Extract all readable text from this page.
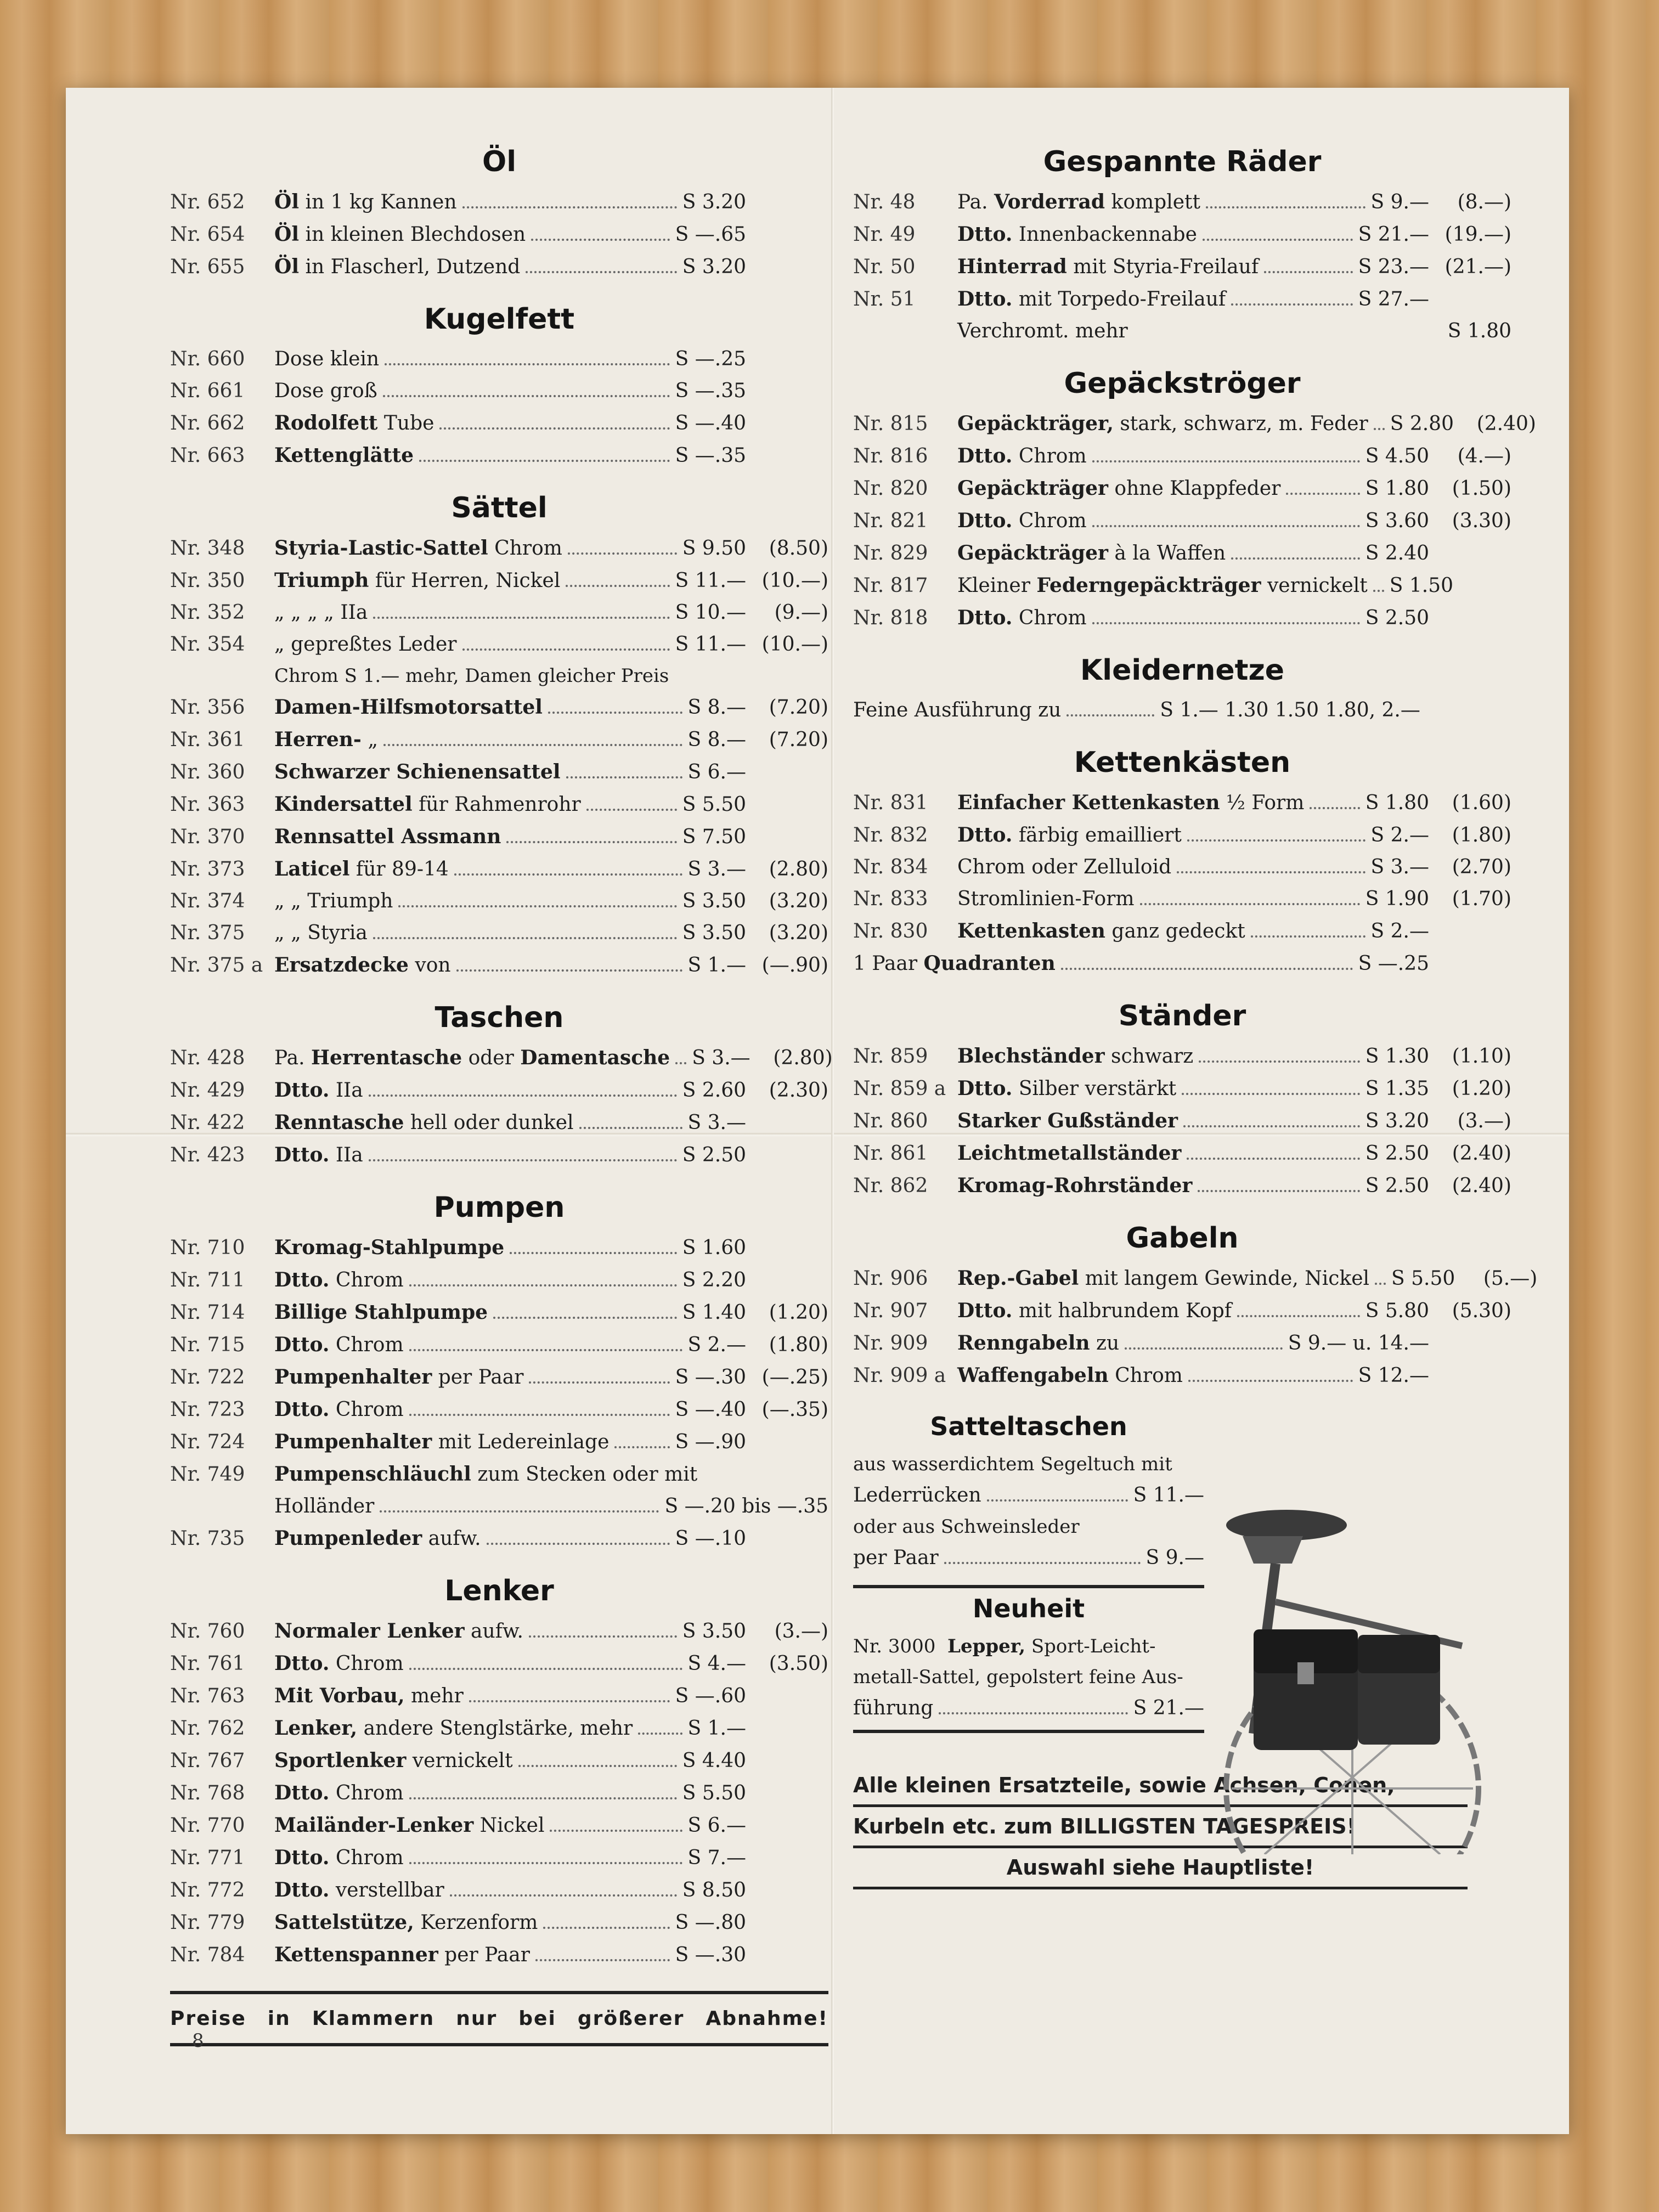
Öl
Nr. 652	Öl in 1 kg Kannen	S 3.20
Nr. 654	Öl in kleinen Blechdosen	S —.65
Nr. 655	Öl in Flascherl, Dutzend	S 3.20
Kugelfett
Nr. 660	Dose klein	S —.25
Nr. 661	Dose groß	S —.35
Nr. 662	Rodolfett Tube	S —.40
Nr. 663	Kettenglätte	S —.35
Sättel
Nr. 348	Styria-Lastic-Sattel Chrom	S 9.50	(8.50)
Nr. 350	Triumph für Herren, Nickel	S 11.— (10.—)
Nr. 352	„ „ „ „ IIa	S 10.—	(9.—)
Nr. 354	„ gepreßtes Leder	S 11.— (10.—)
Chrom S 1.— mehr, Damen gleicher Preis
Nr. 356	Damen-Hilfsmotorsattel	S 8.—	(7.20)
Nr. 361	Herren- „	S 8.—	(7.20)
Nr. 360	Schwarzer Schienensattel	S 6.—
Nr. 363	Kindersattel für Rahmenrohr	S 5.50
Nr. 370	Rennsattel Assmann	S 7.50
Nr. 373	Laticel für 89-14	S 3.—	(2.80)
Nr. 374	„ „ Triumph	S 3.50	(3.20)
Nr. 375	„ „ Styria	S 3.50	(3.20)
Nr. 375 a Ersatzdecke von	S 1.— (—.90)
Taschen
Nr. 428	Pa. Herrentasche oder Damentasche S 3.—	(2.80)
Nr. 429	Dtto. IIa	S 2.60	(2.30)
Nr. 422	Renntasche hell oder dunkel	S 3.—
Nr. 423	Dtto. IIa	S 2.50
Pumpen
Nr. 710	Kromag-Stahlpumpe	S 1.60
Nr. 711	Dtto. Chrom	S 2.20
Nr. 714	Billige Stahlpumpe	S 1.40	(1.20)
Nr. 715	Dtto. Chrom	S 2.—	(1.80)
Nr. 722	Pumpenhalter per Paar	S —.30 (—.25)
Nr. 723	Dtto. Chrom	S —.40 (—.35)
Nr. 724	Pumpenhalter mit Ledereinlage	S —.90
Nr. 749	Pumpenschläuchl zum Stecken oder mit
Holländer	S —.20 bis —.35
Nr. 735	Pumpenleder aufw.	S —.10
Lenker
Nr. 760	Normaler Lenker aufw.	S 3.50	(3.—)
Nr. 761	Dtto. Chrom	S 4.—	(3.50)
Nr. 763	Mit Vorbau, mehr	S —.60
Nr. 762	Lenker, andere Stenglstärke, mehr	S 1.—
Nr. 767	Sportlenker vernickelt	S 4.40
Nr. 768	Dtto. Chrom	S 5.50
Nr. 770	Mailänder-Lenker Nickel	S 6.—
Nr. 771	Dtto. Chrom	S 7.—
Nr. 772	Dtto. verstellbar	S 8.50
Nr. 779	Sattelstütze, Kerzenform	S —.80
Nr. 784	Kettenspanner per Paar	S —.30
Preise in Klammern nur bei größerer Abnahme!
Gespannte Räder
Nr. 48	Pa. Vorderrad komplett	S 9.—	(8.—)
Nr. 49	Dtto. Innenbackennabe	S 21.— (19.—)
Nr. 50	Hinterrad mit Styria-Freilauf	S 23.— (21.—)
Nr. 51	Dtto. mit Torpedo-Freilauf	S 27.—
Verchromt. mehr	S 1.80
Gepäckströger
Nr. 815	Gepäckträger, stark, schwarz, m. Feder S 2.80	(2.40)
Nr. 816	Dtto. Chrom	S 4.50	(4.—)
Nr. 820	Gepäckträger ohne Klappfeder	S 1.80	(1.50)
Nr. 821	Dtto. Chrom	S 3.60	(3.30)
Nr. 829	Gepäckträger à la Waffen	S 2.40
Nr. 817	Kleiner Federngepäckträger vernickelt S 1.50
Nr. 818	Dtto. Chrom	S 2.50
Kleidernetze
Feine Ausführung zu	S 1.— 1.30 1.50 1.80, 2.—
Kettenkästen
Nr. 831	Einfacher Kettenkasten ½ Form	S 1.80	(1.60)
Nr. 832	Dtto. färbig emailliert	S 2.—	(1.80)
Nr. 834	Chrom oder Zelluloid	S 3.—	(2.70)
Nr. 833	Stromlinien-Form	S 1.90	(1.70)
Nr. 830	Kettenkasten ganz gedeckt	S 2.—
1 Paar Quadranten	S —.25
Ständer
Nr. 859	Blechständer schwarz	S 1.30	(1.10)
Nr. 859 a Dtto. Silber verstärkt	S 1.35	(1.20)
Nr. 860	Starker Gußständer	S 3.20	(3.—)
Nr. 861	Leichtmetallständer	S 2.50	(2.40)
Nr. 862	Kromag-Rohrständer	S 2.50	(2.40)
Gabeln
Nr. 906	Rep.-Gabel mit langem Gewinde, Nickel S 5.50	(5.—)
Nr. 907	Dtto. mit halbrundem Kopf	S 5.80	(5.30)
Nr. 909	Renngabeln zu	S 9.— u. 14.—
Nr. 909 a Waffengabeln Chrom	S 12.—
Satteltaschen
aus wasserdichtem Segeltuch mit
Lederrücken	S 11.—
oder aus Schweinsleder
per Paar	S 9.—
Neuheit
Nr. 3000 Lepper, Sport-Leicht-
metall-Sattel, gepolstert feine Aus-
führung	S 21.—
Alle kleinen Ersatzteile, sowie Achsen, Conen,
Kurbeln etc. zum BILLIGSTEN TAGESPREIS!
Auswahl siehe Hauptliste!
8
